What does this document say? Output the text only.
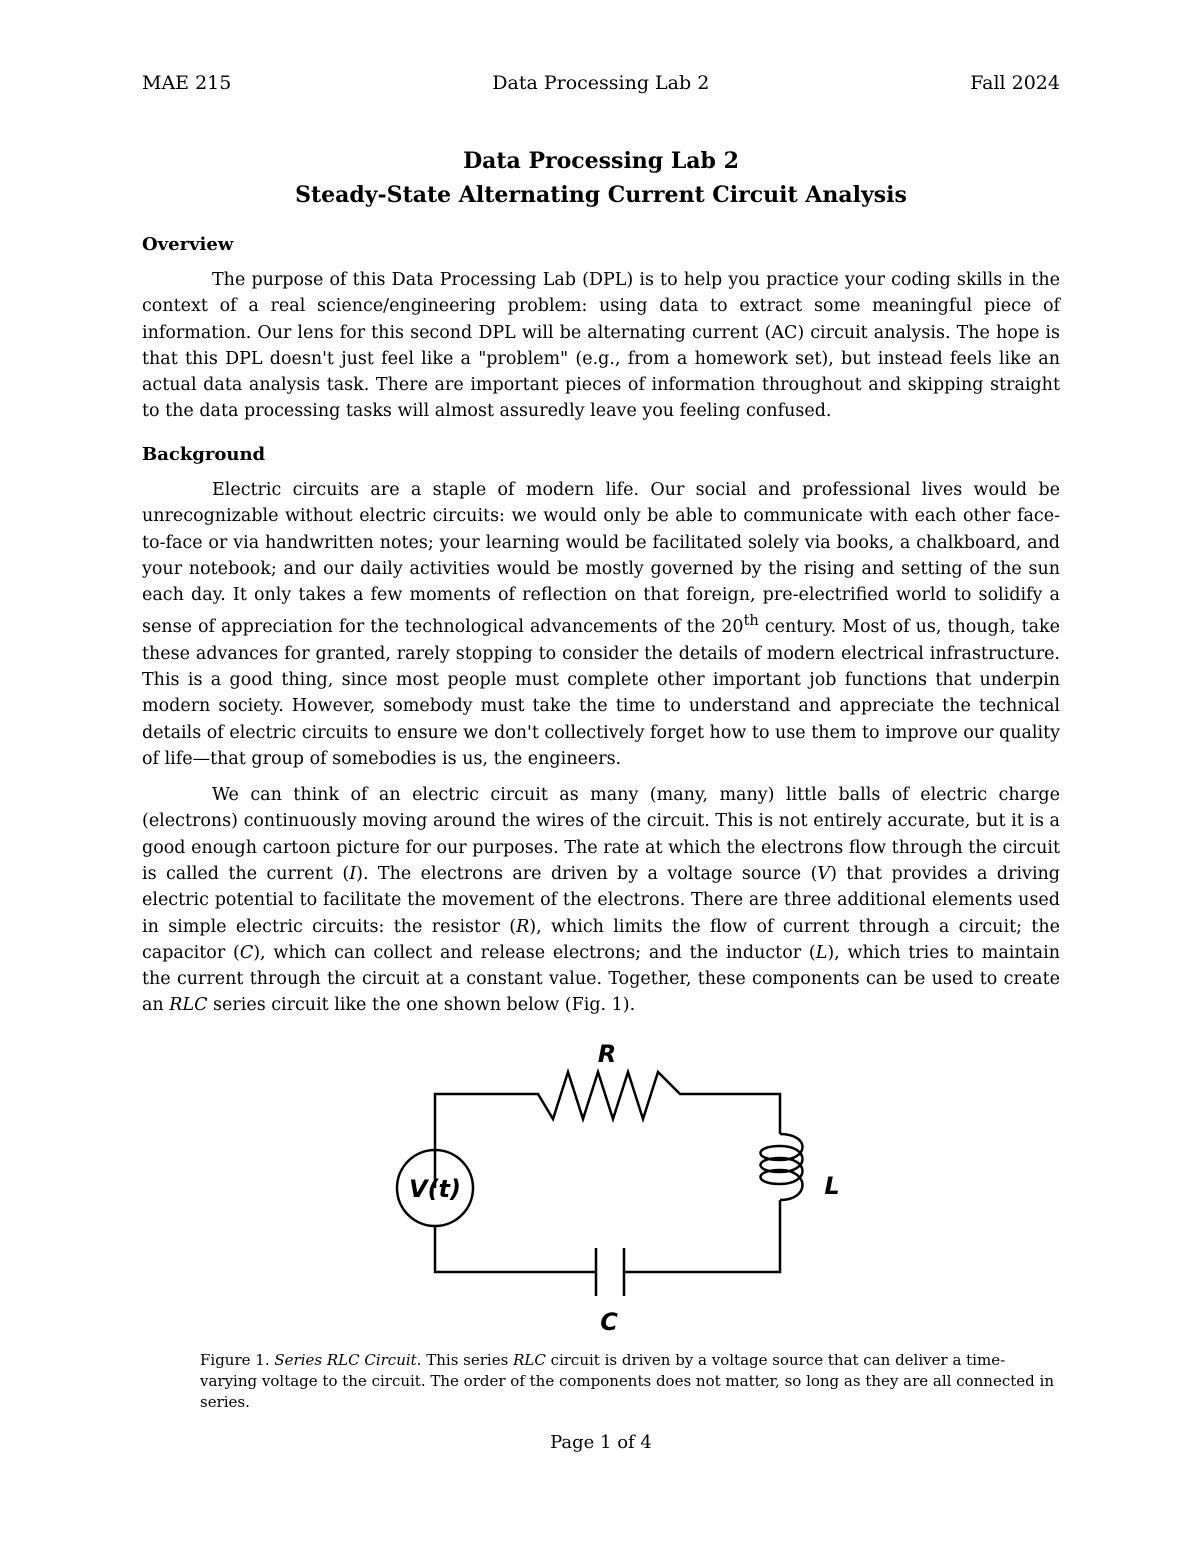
MAE 215	Data Processing Lab 2	Fall 2024
Data Processing Lab 2
Steady-State Alternating Current Circuit Analysis

Overview

The purpose of this Data Processing Lab (DPL) is to help you practice your coding skills in the context of a real science/engineering problem: using data to extract some meaningful piece of information. Our lens for this second DPL will be alternating current (AC) circuit analysis. The hope is that this DPL doesn't just feel like a "problem" (e.g., from a homework set), but instead feels like an actual data analysis task. There are important pieces of information throughout and skipping straight to the data processing tasks will almost assuredly leave you feeling confused.

Background

Electric circuits are a staple of modern life. Our social and professional lives would be unrecognizable without electric circuits: we would only be able to communicate with each other face-to-face or via handwritten notes; your learning would be facilitated solely via books, a chalkboard, and your notebook; and our daily activities would be mostly governed by the rising and setting of the sun each day. It only takes a few moments of reflection on that foreign, pre-electrified world to solidify a sense of appreciation for the technological advancements of the 20th century. Most of us, though, take these advances for granted, rarely stopping to consider the details of modern electrical infrastructure. This is a good thing, since most people must complete other important job functions that underpin modern society. However, somebody must take the time to understand and appreciate the technical details of electric circuits to ensure we don't collectively forget how to use them to improve our quality of life—that group of somebodies is us, the engineers.

We can think of an electric circuit as many (many, many) little balls of electric charge (electrons) continuously moving around the wires of the circuit. This is not entirely accurate, but it is a good enough cartoon picture for our purposes. The rate at which the electrons flow through the circuit is called the current (I). The electrons are driven by a voltage source (V) that provides a driving electric potential to facilitate the movement of the electrons. There are three additional elements used in simple electric circuits: the resistor (R), which limits the flow of current through a circuit; the capacitor (C), which can collect and release electrons; and the inductor (L), which tries to maintain the current through the circuit at a constant value. Together, these components can be used to create an RLC series circuit like the one shown below (Fig. 1).

R
L
C
V(t)
Figure 1. Series RLC Circuit. This series RLC circuit is driven by a voltage source that can deliver a time-varying voltage to the circuit. The order of the components does not matter, so long as they are all connected in series.
Page 1 of 4
